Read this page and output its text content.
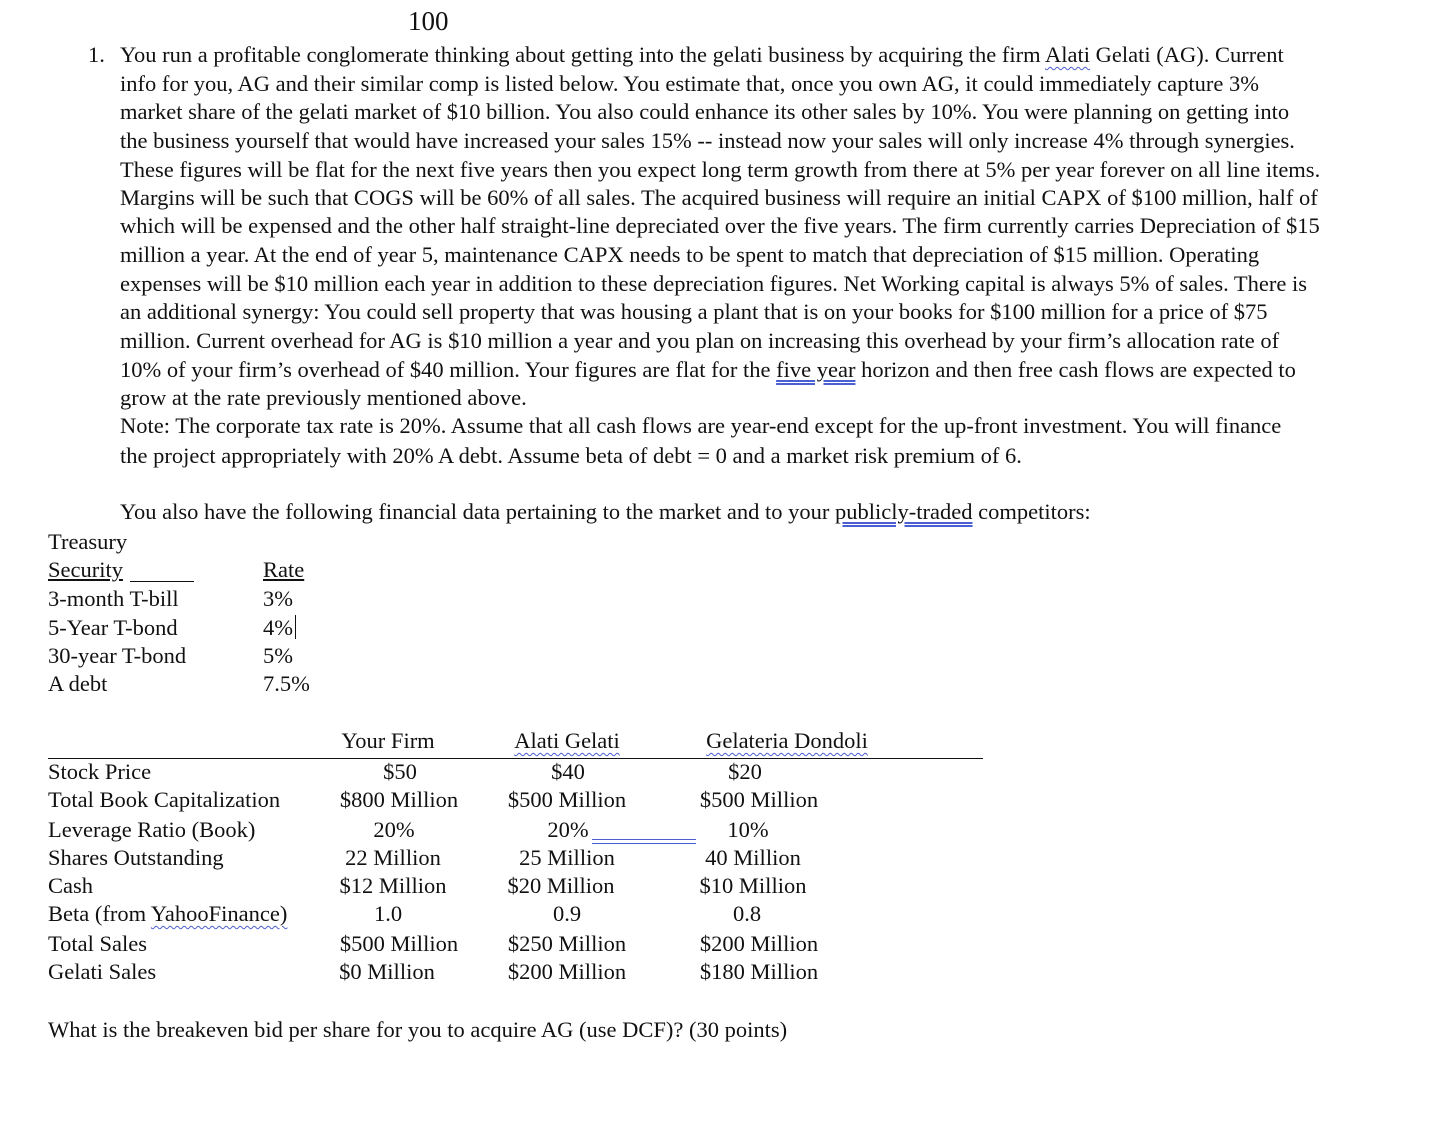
100
1. You run a profitable conglomerate thinking about getting into the gelati business by acquiring the firm Alati Gelati (AG). Current
info for you, AG and their similar comp is listed below. You estimate that, once you own AG, it could immediately capture 3%
market share of the gelati market of $10 billion. You also could enhance its other sales by 10%. You were planning on getting into
the business yourself that would have increased your sales 15% -- instead now your sales will only increase 4% through synergies.
These figures will be flat for the next five years then you expect long term growth from there at 5% per year forever on all line items.
Margins will be such that COGS will be 60% of all sales. The acquired business will require an initial CAPX of $100 million, half of
which will be expensed and the other half straight-line depreciated over the five years. The firm currently carries Depreciation of $15
million a year. At the end of year 5, maintenance CAPX needs to be spent to match that depreciation of $15 million. Operating
expenses will be $10 million each year in addition to these depreciation figures. Net Working capital is always 5% of sales. There is
an additional synergy: You could sell property that was housing a plant that is on your books for $100 million for a price of $75
million. Current overhead for AG is $10 million a year and you plan on increasing this overhead by your firm’s allocation rate of
10% of your firm’s overhead of $40 million. Your figures are flat for the five year horizon and then free cash flows are expected to
grow at the rate previously mentioned above.
Note: The corporate tax rate is 20%. Assume that all cash flows are year-end except for the up-front investment. You will finance
the project appropriately with 20% A debt. Assume beta of debt = 0 and a market risk premium of 6.
You also have the following financial data pertaining to the market and to your publicly-traded competitors:
Treasury
Security	Rate
3-month T-bill	3%
5-Year T-bond	4%
30-year T-bond	5%
A debt	7.5%
Your Firm	Alati Gelati	Gelateria Dondoli
Stock Price	$50	$40	$20
Total Book Capitalization	$800 Million $500 Million	$500 Million
Leverage Ratio (Book)	20%	20%	10%
Shares Outstanding	22 Million	25 Million	40 Million
Cash	$12 Million	$20 Million	$10 Million
Beta (from YahooFinance)	1.0	0.9	0.8
Total Sales	$500 Million $250 Million	$200 Million
Gelati Sales	$0 Million	$200 Million	$180 Million
What is the breakeven bid per share for you to acquire AG (use DCF)? (30 points)
